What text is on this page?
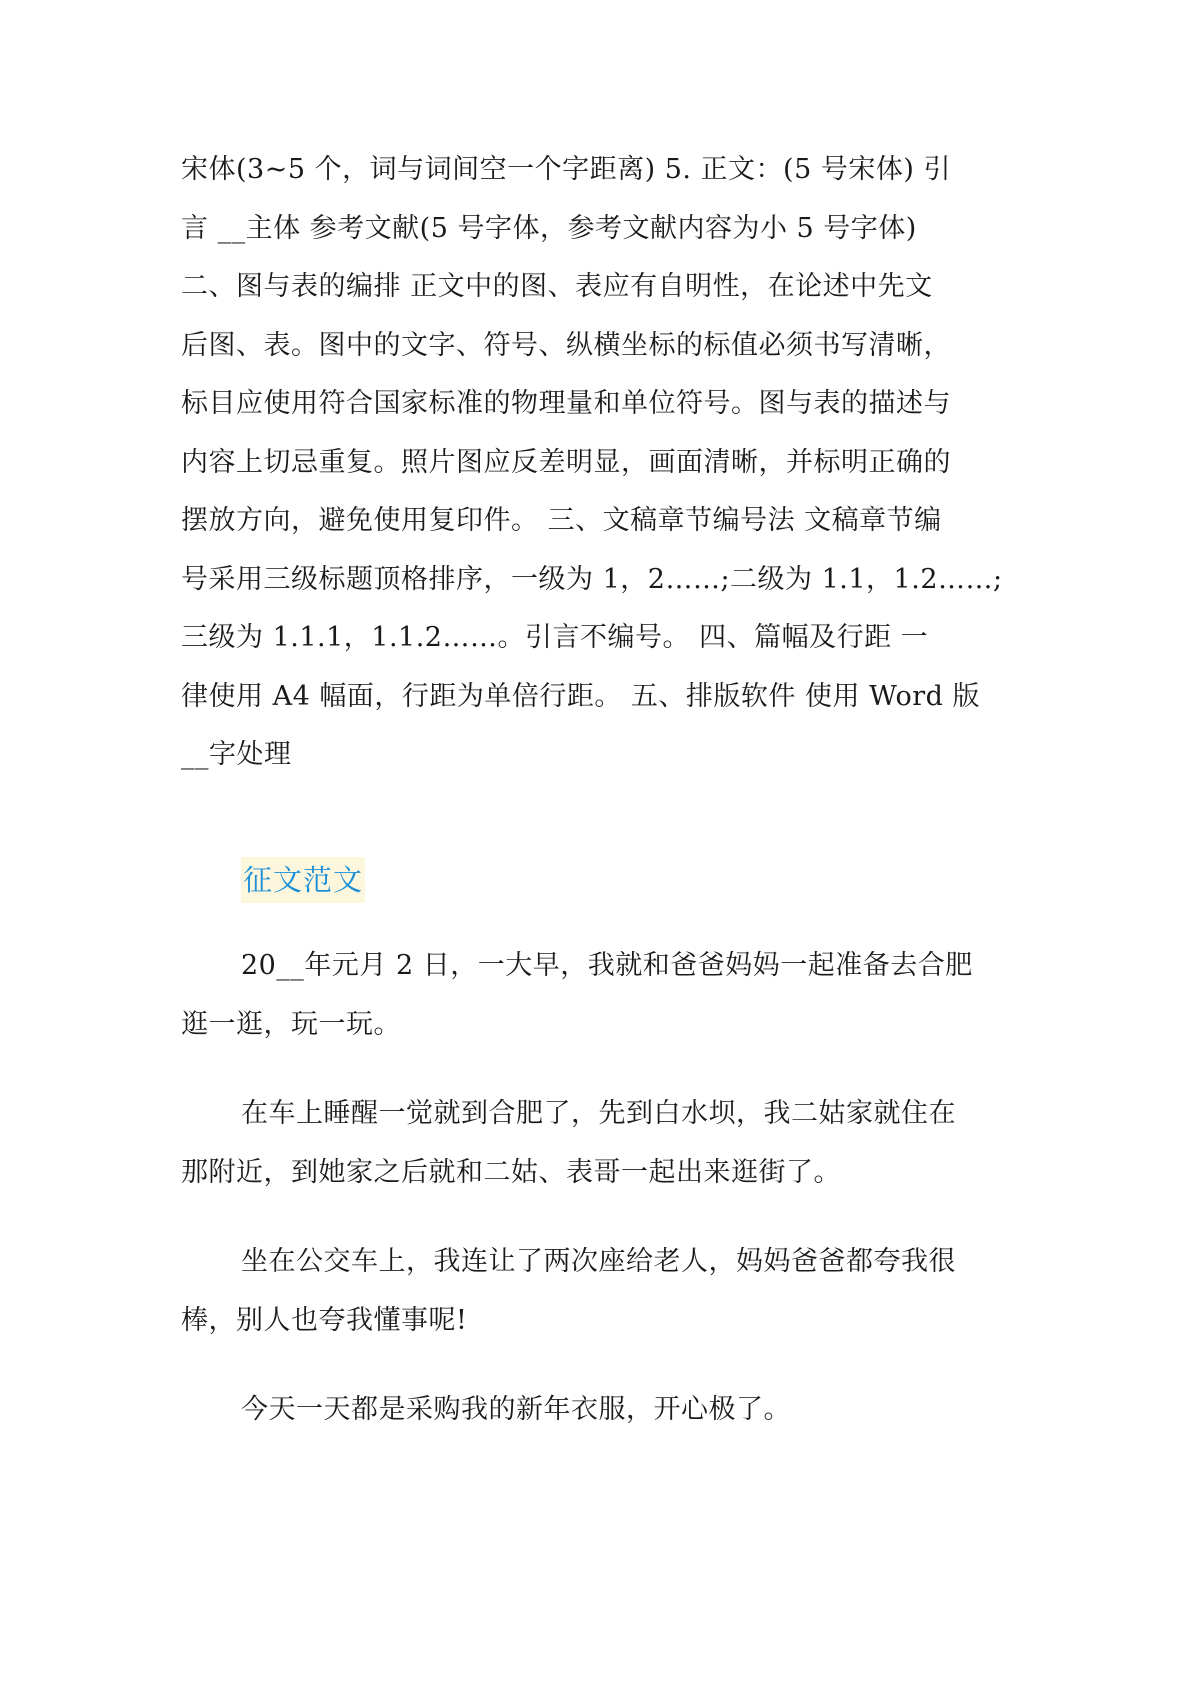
宋体(3~5 个，词与词间空一个字距离) 5. 正文：(5 号宋体) 引
言 __主体 参考文献(5 号字体，参考文献内容为小 5 号字体)
二、图与表的编排 正文中的图、表应有自明性，在论述中先文
后图、表。图中的文字、符号、纵横坐标的标值必须书写清晰，
标目应使用符合国家标准的物理量和单位符号。图与表的描述与
内容上切忌重复。照片图应反差明显，画面清晰，并标明正确的
摆放方向，避免使用复印件。 三、文稿章节编号法 文稿章节编
号采用三级标题顶格排序，一级为 1，2……;二级为 1.1，1.2……;
三级为 1.1.1，1.1.2……。引言不编号。 四、篇幅及行距 一
律使用 A4 幅面，行距为单倍行距。 五、排版软件 使用 Word 版
__字处理
征文范文
20__年元月 2 日，一大早，我就和爸爸妈妈一起准备去合肥
逛一逛，玩一玩。
在车上睡醒一觉就到合肥了，先到白水坝，我二姑家就住在
那附近，到她家之后就和二姑、表哥一起出来逛街了。
坐在公交车上，我连让了两次座给老人，妈妈爸爸都夸我很
棒，别人也夸我懂事呢!
今天一天都是采购我的新年衣服，开心极了。
